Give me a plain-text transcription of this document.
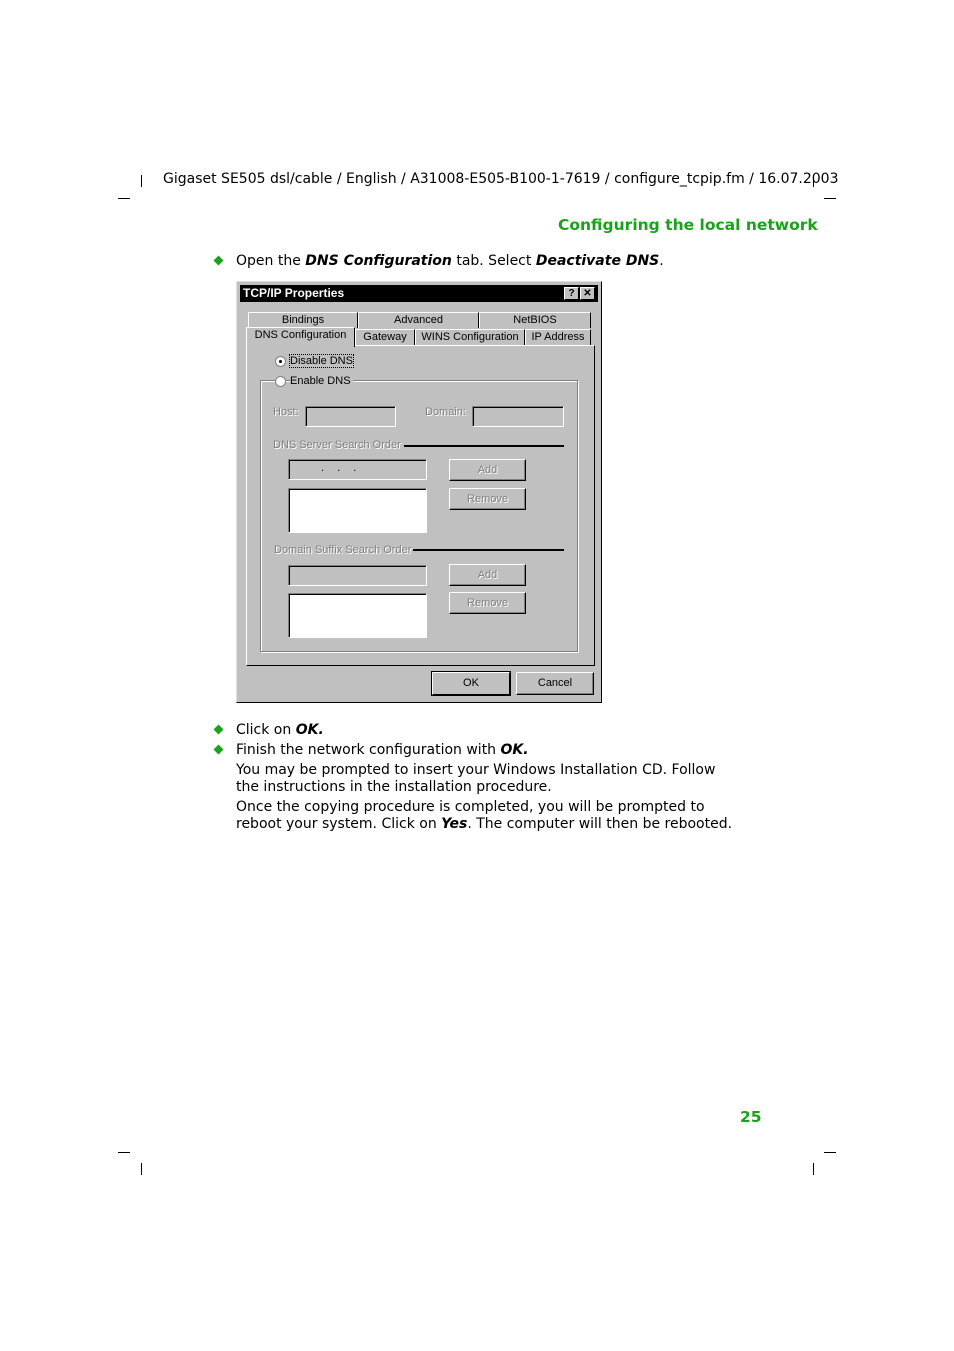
Gigaset SE505 dsl/cable / English / A31008-E505-B100-1-7619 / configure_tcpip.fm / 16.07.2003
Configuring the local network
Open the DNS Configuration tab. Select Deactivate DNS.
TCP/IP Properties	? ✕
Bindings	Advanced	NetBIOS
DNS Configuration	Gateway	WINS Configuration	IP Address
Disable DNS
Enable DNS
Host:	Domain:
DNS Server Search Order
. . .	Add
Remove
Domain Suffix Search Order
Add
Remove
OK	Cancel
Click on OK.
Finish the network configuration with OK.
You may be prompted to insert your Windows Installation CD. Follow the instructions in the installation procedure.
Once the copying procedure is completed, you will be prompted to reboot your system. Click on Yes. The computer will then be rebooted.
25
